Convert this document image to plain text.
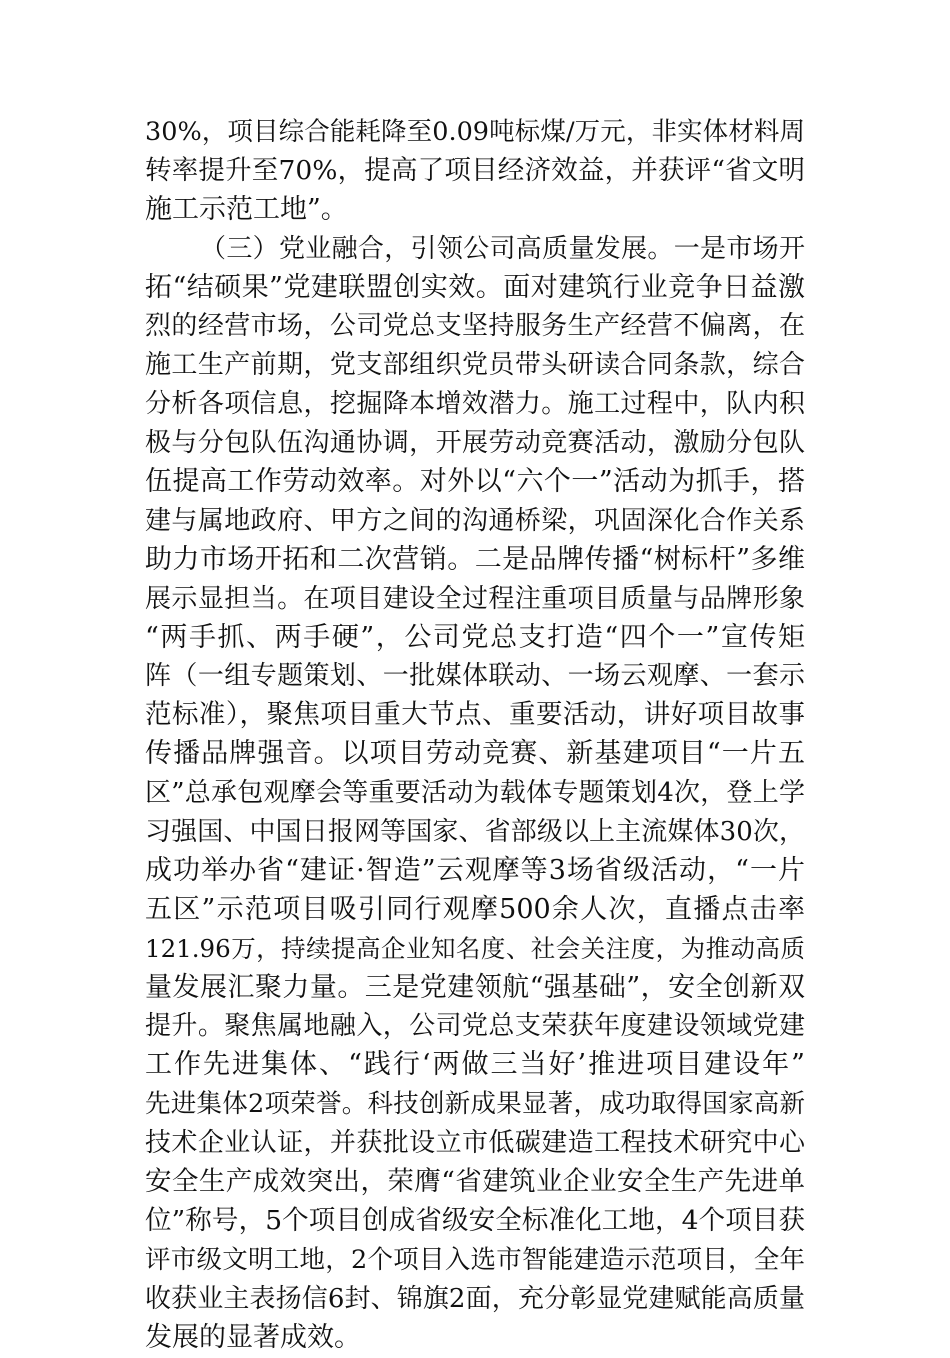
30%，项目综合能耗降至0.09吨标煤/万元，非实体材料周
转率提升至70%，提高了项目经济效益，并获评“省文明
施工示范工地”。
（三）党业融合，引领公司高质量发展。一是市场开
拓“结硕果”党建联盟创实效。面对建筑行业竞争日益激
烈的经营市场，公司党总支坚持服务生产经营不偏离，在
施工生产前期，党支部组织党员带头研读合同条款，综合
分析各项信息，挖掘降本增效潜力。施工过程中，队内积
极与分包队伍沟通协调，开展劳动竞赛活动，激励分包队
伍提高工作劳动效率。对外以“六个一”活动为抓手，搭
建与属地政府、甲方之间的沟通桥梁，巩固深化合作关系
助力市场开拓和二次营销。二是品牌传播“树标杆”多维
展示显担当。在项目建设全过程注重项目质量与品牌形象
“两手抓、两手硬”，公司党总支打造“四个一”宣传矩
阵（一组专题策划、一批媒体联动、一场云观摩、一套示
范标准），聚焦项目重大节点、重要活动，讲好项目故事
传播品牌强音。以项目劳动竞赛、新基建项目“一片五
区”总承包观摩会等重要活动为载体专题策划4次，登上学
习强国、中国日报网等国家、省部级以上主流媒体30次，
成功举办省“建证·智造”云观摩等3场省级活动，“一片
五区”示范项目吸引同行观摩500余人次，直播点击率
121.96万，持续提高企业知名度、社会关注度，为推动高质
量发展汇聚力量。三是党建领航“强基础”，安全创新双
提升。聚焦属地融入，公司党总支荣获年度建设领域党建
工作先进集体、“践行‘两做三当好’推进项目建设年”
先进集体2项荣誉。科技创新成果显著，成功取得国家高新
技术企业认证，并获批设立市低碳建造工程技术研究中心
安全生产成效突出，荣膺“省建筑业企业安全生产先进单
位”称号，5个项目创成省级安全标准化工地，4个项目获
评市级文明工地，2个项目入选市智能建造示范项目，全年
收获业主表扬信6封、锦旗2面，充分彰显党建赋能高质量
发展的显著成效。
